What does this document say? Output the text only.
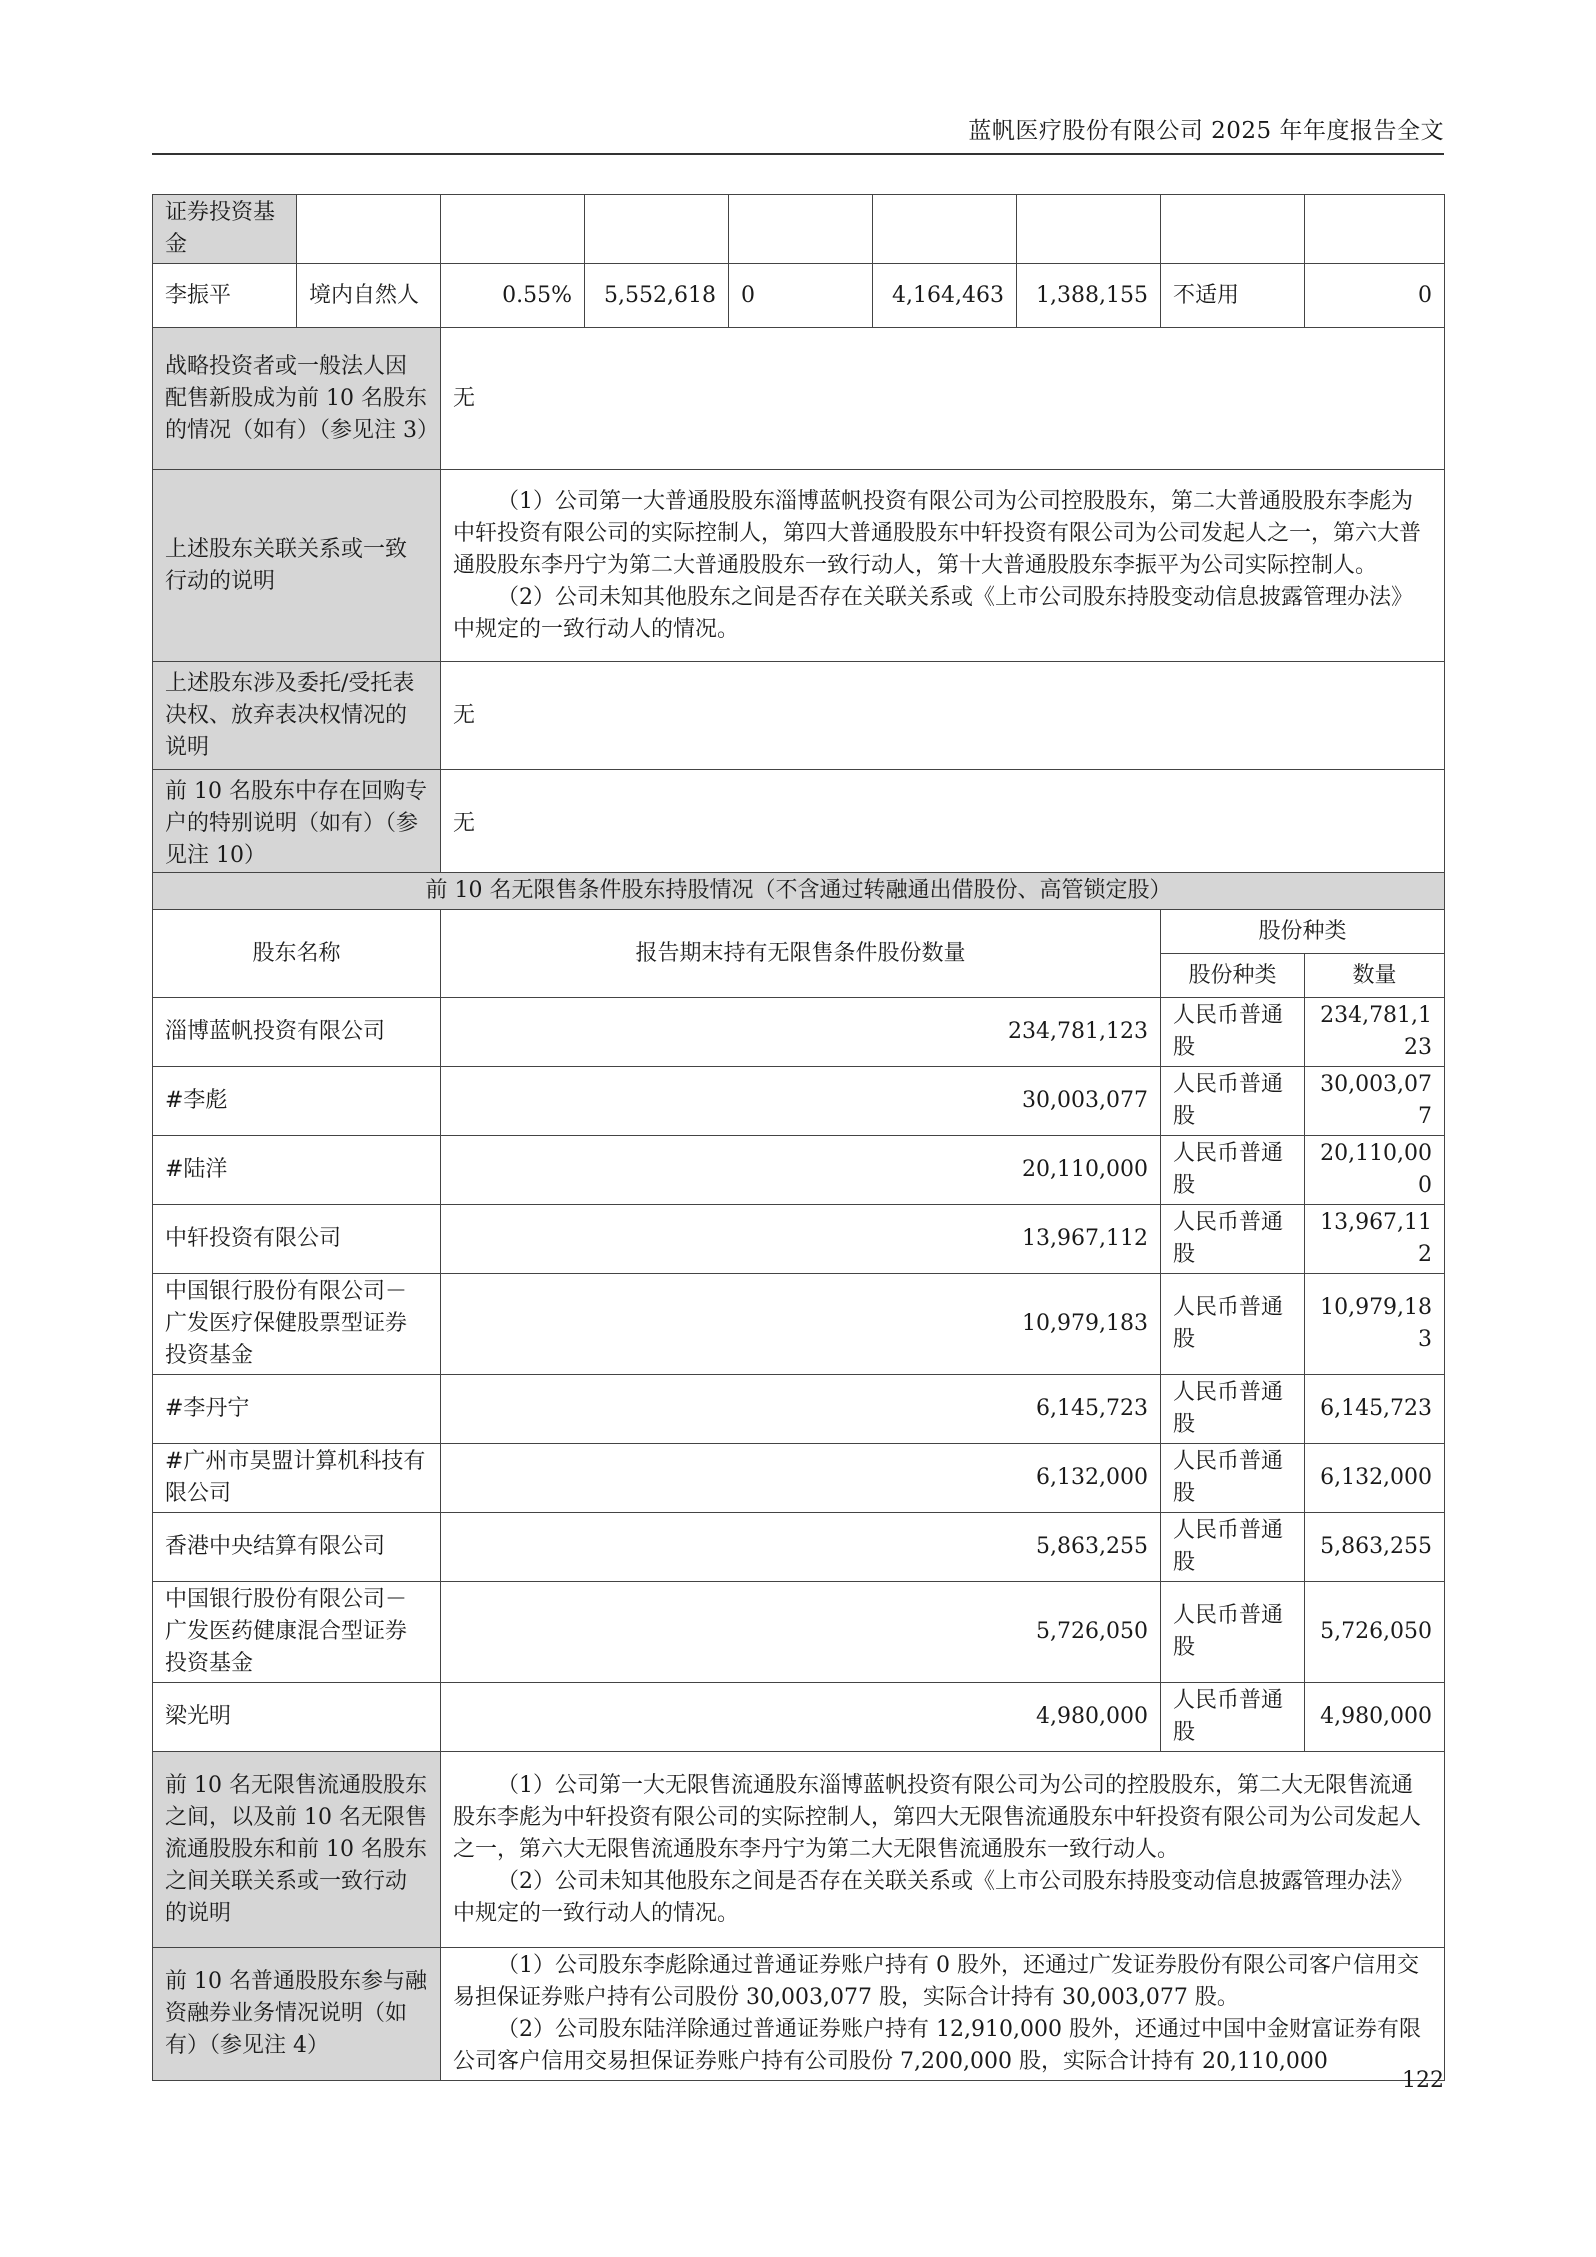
蓝帆医疗股份有限公司 2025 年年度报告全文
证券投资基金								
李振平	境内自然人	0.55%	5,552,618	0	4,164,463	1,388,155	不适用	0
战略投资者或一般法人因配售新股成为前 10 名股东的情况（如有）（参见注 3）		无						
上述股东关联关系或一致行动的说明		（1）公司第一大普通股股东淄博蓝帆投资有限公司为公司控股股东，第二大普通股股东李彪为中轩投资有限公司的实际控制人，第四大普通股股东中轩投资有限公司为公司发起人之一，第六大普通股股东李丹宁为第二大普通股股东一致行动人，第十大普通股股东李振平为公司实际控制人。

（2）公司未知其他股东之间是否存在关联关系或《上市公司股东持股变动信息披露管理办法》中规定的一致行动人的情况。						

上述股东涉及委托/受托表决权、放弃表决权情况的说明		无						
前 10 名股东中存在回购专户的特别说明（如有）（参见注 10）		无						
前 10 名无限售条件股东持股情况（不含通过转融通出借股份、高管锁定股）			
股东名称	报告期末持有无限售条件股份数量	股份种类	
		股份种类	数量
淄博蓝帆投资有限公司	234,781,123	人民币普通股	234,781,123
#李彪	30,003,077	人民币普通股	30,003,077
#陆洋	20,110,000	人民币普通股	20,110,000
中轩投资有限公司	13,967,112	人民币普通股	13,967,112
中国银行股份有限公司－广发医疗保健股票型证券投资基金	10,979,183	人民币普通股	10,979,183
#李丹宁	6,145,723	人民币普通股	6,145,723
#广州市昊盟计算机科技有限公司	6,132,000	人民币普通股	6,132,000
香港中央结算有限公司	5,863,255	人民币普通股	5,863,255
中国银行股份有限公司－广发医药健康混合型证券投资基金	5,726,050	人民币普通股	5,726,050
梁光明	4,980,000	人民币普通股	4,980,000
前 10 名无限售流通股股东之间，以及前 10 名无限售流通股股东和前 10 名股东之间关联关系或一致行动的说明	（1）公司第一大无限售流通股东淄博蓝帆投资有限公司为公司的控股股东，第二大无限售流通股东李彪为中轩投资有限公司的实际控制人，第四大无限售流通股东中轩投资有限公司为公司发起人之一，第六大无限售流通股东李丹宁为第二大无限售流通股东一致行动人。

（2）公司未知其他股东之间是否存在关联关系或《上市公司股东持股变动信息披露管理办法》中规定的一致行动人的情况。		

前 10 名普通股股东参与融资融券业务情况说明（如有）（参见注 4）	（1）公司股东李彪除通过普通证券账户持有 0 股外，还通过广发证券股份有限公司客户信用交易担保证券账户持有公司股份 30,003,077 股，实际合计持有 30,003,077 股。

（2）公司股东陆洋除通过普通证券账户持有 12,910,000 股外，还通过中国中金财富证券有限公司客户信用交易担保证券账户持有公司股份 7,200,000 股，实际合计持有 20,110,000		

122
